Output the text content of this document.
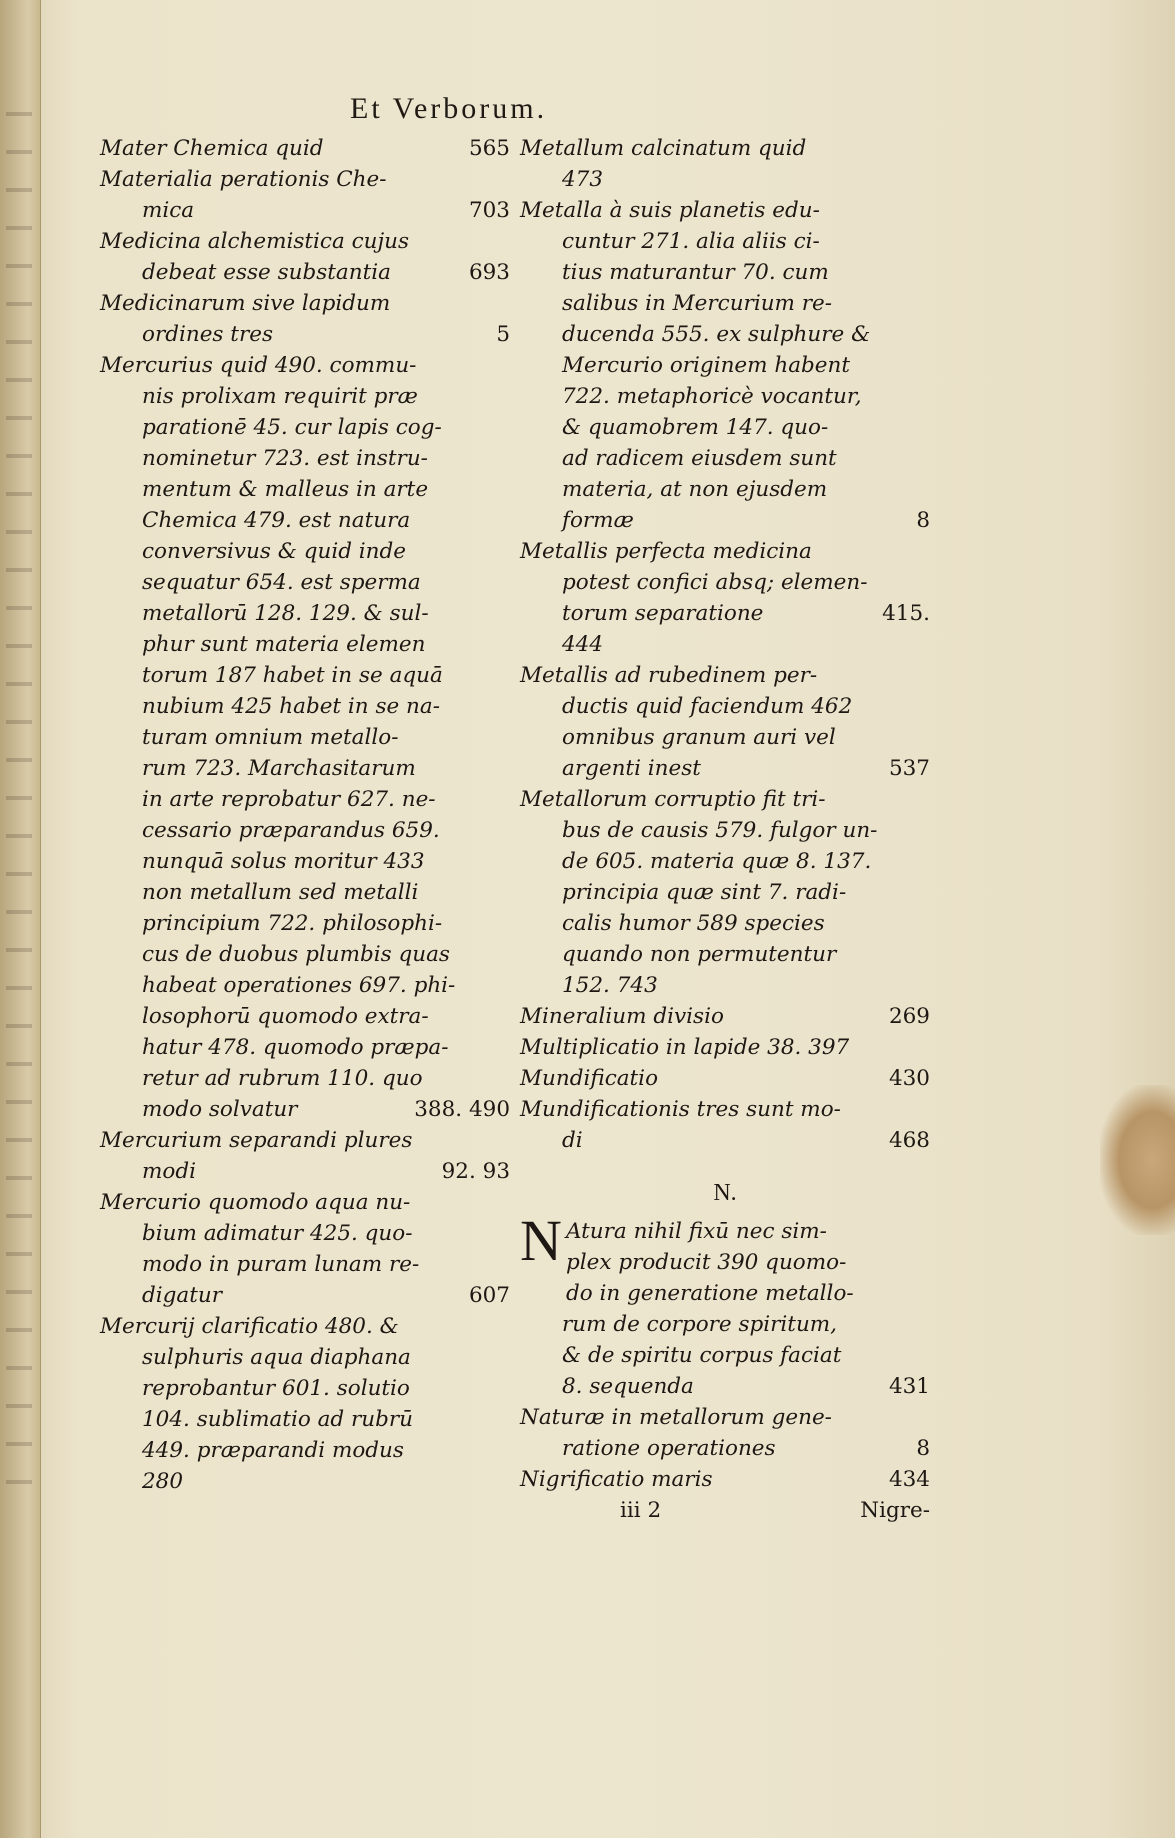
Et Verborum.
Mater Chemica quid	565
Materialia perationis Che-
mica	703
Medicina alchemistica cujus
debeat esse substantia	693
Medicinarum sive lapidum
ordines tres	5
Mercurius quid 490. commu-
nis prolixam requirit præ
parationē 45. cur lapis cog-
nominetur 723. est instru-
mentum & malleus in arte
Chemica 479. est natura
conversivus & quid inde
sequatur 654. est sperma
metallorū 128. 129. & sul-
phur sunt materia elemen
torum 187 habet in se aquā
nubium 425 habet in se na-
turam omnium metallo-
rum 723. Marchasitarum
in arte reprobatur 627. ne-
cessario præparandus 659.
nunquā solus moritur 433
non metallum sed metalli
principium 722. philosophi-
cus de duobus plumbis quas
habeat operationes 697. phi-
losophorū quomodo extra-
hatur 478. quomodo præpa-
retur ad rubrum 110. quo
modo solvatur	388. 490
Mercurium separandi plures
modi	92. 93
Mercurio quomodo aqua nu-
bium adimatur 425. quo-
modo in puram lunam re-
digatur	607
Mercurij clarificatio 480. &
sulphuris aqua diaphana
reprobantur 601. solutio
104. sublimatio ad rubrū
449. præparandi modus
280
Metallum calcinatum quid
473
Metalla à suis planetis edu-
cuntur 271. alia aliis ci-
tius maturantur 70. cum
salibus in Mercurium re-
ducenda 555. ex sulphure &
Mercurio originem habent
722. metaphoricè vocantur,
& quamobrem 147. quo-
ad radicem eiusdem sunt
materia, at non ejusdem
formæ	8
Metallis perfecta medicina
potest confici absq; elemen-
torum separatione	415.
444
Metallis ad rubedinem per-
ductis quid faciendum 462
omnibus granum auri vel
argenti inest	537
Metallorum corruptio fit tri-
bus de causis 579. fulgor un-
de 605. materia quæ 8. 137.
principia quæ sint 7. radi-
calis humor 589 species
quando non permutentur
152. 743
Mineralium divisio	269
Multiplicatio in lapide 38. 397
Mundificatio	430
Mundificationis tres sunt mo-
di	468
N.
N Atura nihil fixū nec sim-
plex producit 390 quomo-
do in generatione metallo-
rum de corpore spiritum,
& de spiritu corpus faciat
8. sequenda	431
Naturæ in metallorum gene-
ratione operationes	8
Nigrificatio maris	434
iii 2	Nigre-
